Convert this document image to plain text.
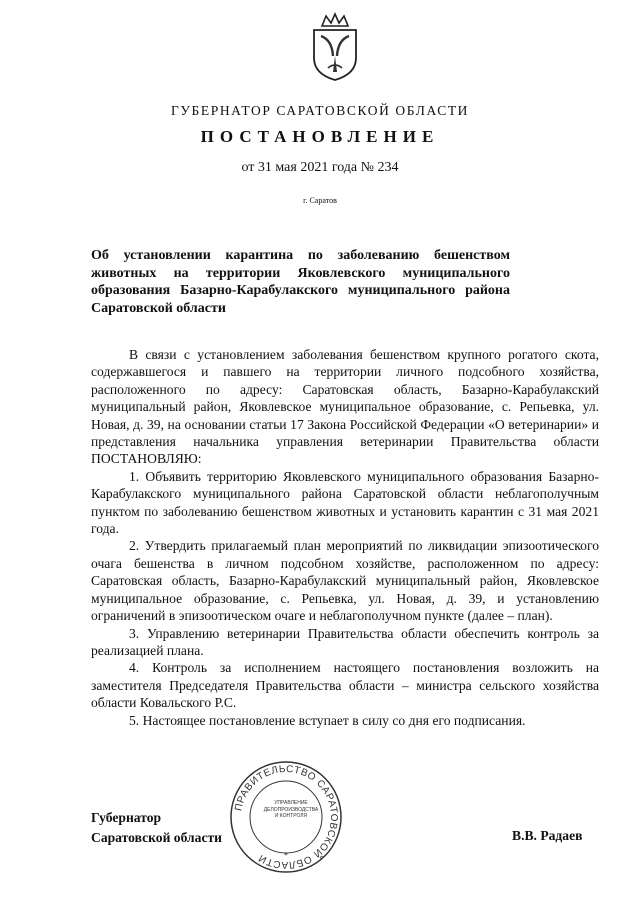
ГУБЕРНАТОР САРАТОВСКОЙ ОБЛАСТИ
ПОСТАНОВЛЕНИЕ
от 31 мая 2021 года № 234
г. Саратов
Об установлении карантина по заболеванию бешенством животных на территории Яковлевского муниципального образования Базарно-Карабулакского муниципального района Саратовской области

В связи с установлением заболевания бешенством крупного рогатого скота, содержавшегося и павшего на территории личного подсобного хозяйства, расположенного по адресу: Саратовская область, Базарно-Карабулакский муниципальный район, Яковлевское муниципальное образование, с. Репьевка, ул. Новая, д. 39, на основании статьи 17 Закона Российской Федерации «О ветеринарии» и представления начальника управления ветеринарии Правительства области ПОСТАНОВЛЯЮ:

1. Объявить территорию Яковлевского муниципального образования Базарно-Карабулакского муниципального района Саратовской области неблагополучным пунктом по заболеванию бешенством животных и установить карантин с 31 мая 2021 года.

2. Утвердить прилагаемый план мероприятий по ликвидации эпизоотического очага бешенства в личном подсобном хозяйстве, расположенном по адресу: Саратовская область, Базарно-Карабулакский муниципальный район, Яковлевское муниципальное образование, с. Репьевка, ул. Новая, д. 39, и установлению ограничений в эпизоотическом очаге и неблагополучном пункте (далее – план).

3. Управлению ветеринарии Правительства области обеспечить контроль за реализацией плана.

4. Контроль за исполнением настоящего постановления возложить на заместителя Председателя Правительства области – министра сельского хозяйства области Ковальского Р.С.

5. Настоящее постановление вступает в силу со дня его подписания.

ПРАВИТЕЛЬСТВО САРАТОВСКОЙ ОБЛАСТИ	*
УПРАВЛЕНИЕ
ДЕЛОПРОИЗВОДСТВА
И КОНТРОЛЯ
Губернатор
Саратовской области	В.В. Радаев
